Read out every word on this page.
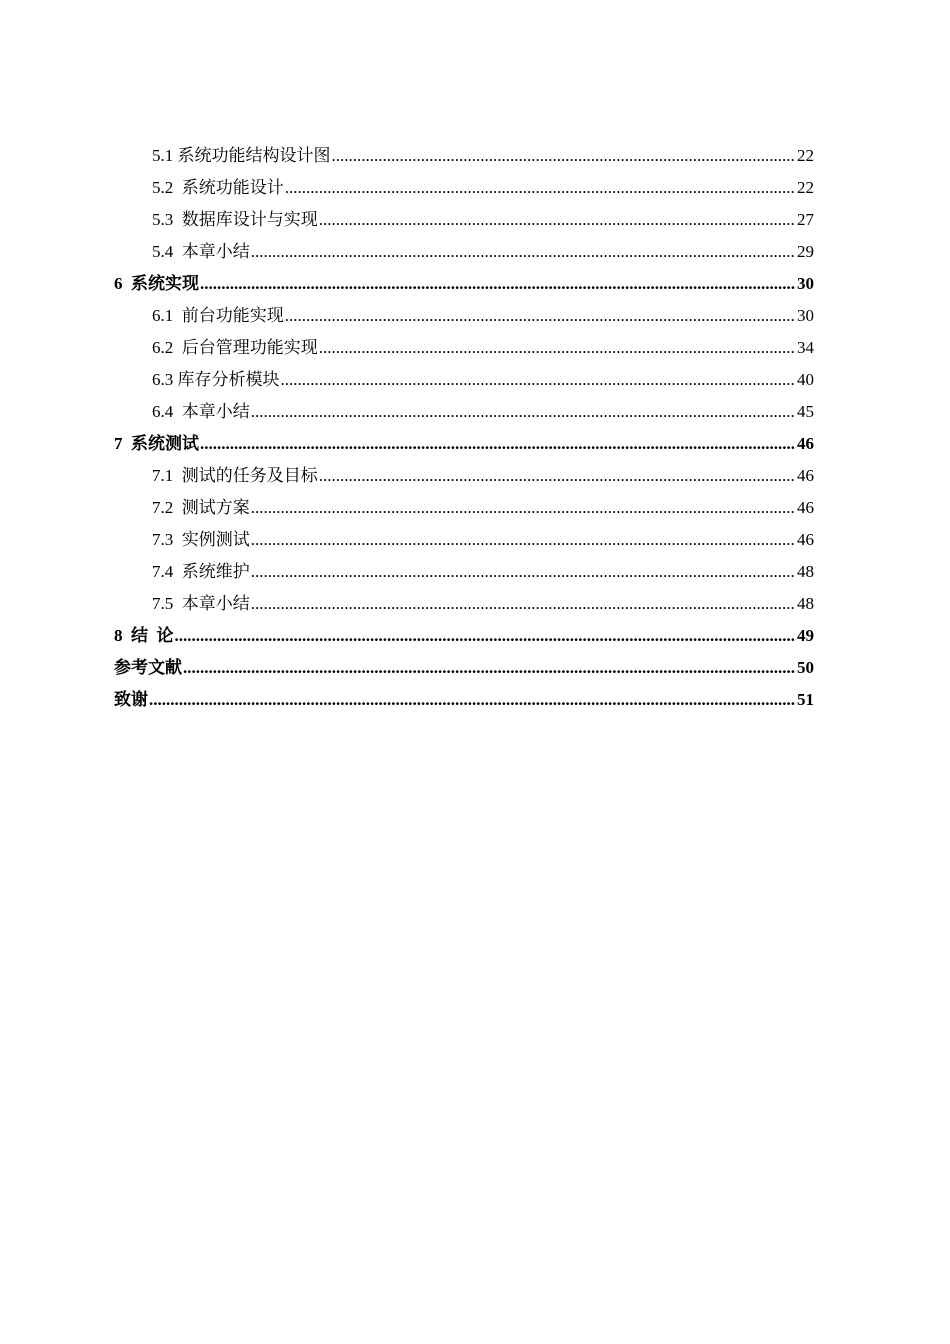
5.1 系统功能结构设计图 .....	22
5.2  系统功能设计 .....	22
5.3  数据库设计与实现 .....	27
5.4  本章小结 .....	29
6  系统实现 .....	30
6.1  前台功能实现 .....	30
6.2  后台管理功能实现 .....	34
6.3 库存分析模块 .....	40
6.4  本章小结 .....	45
7  系统测试 .....	46
7.1  测试的任务及目标 .....	46
7.2  测试方案 .....	46
7.3  实例测试 .....	46
7.4  系统维护 .....	48
7.5  本章小结 .....	48
8  结  论 .....	49
参考文献 .....	50
致谢 .....	51
